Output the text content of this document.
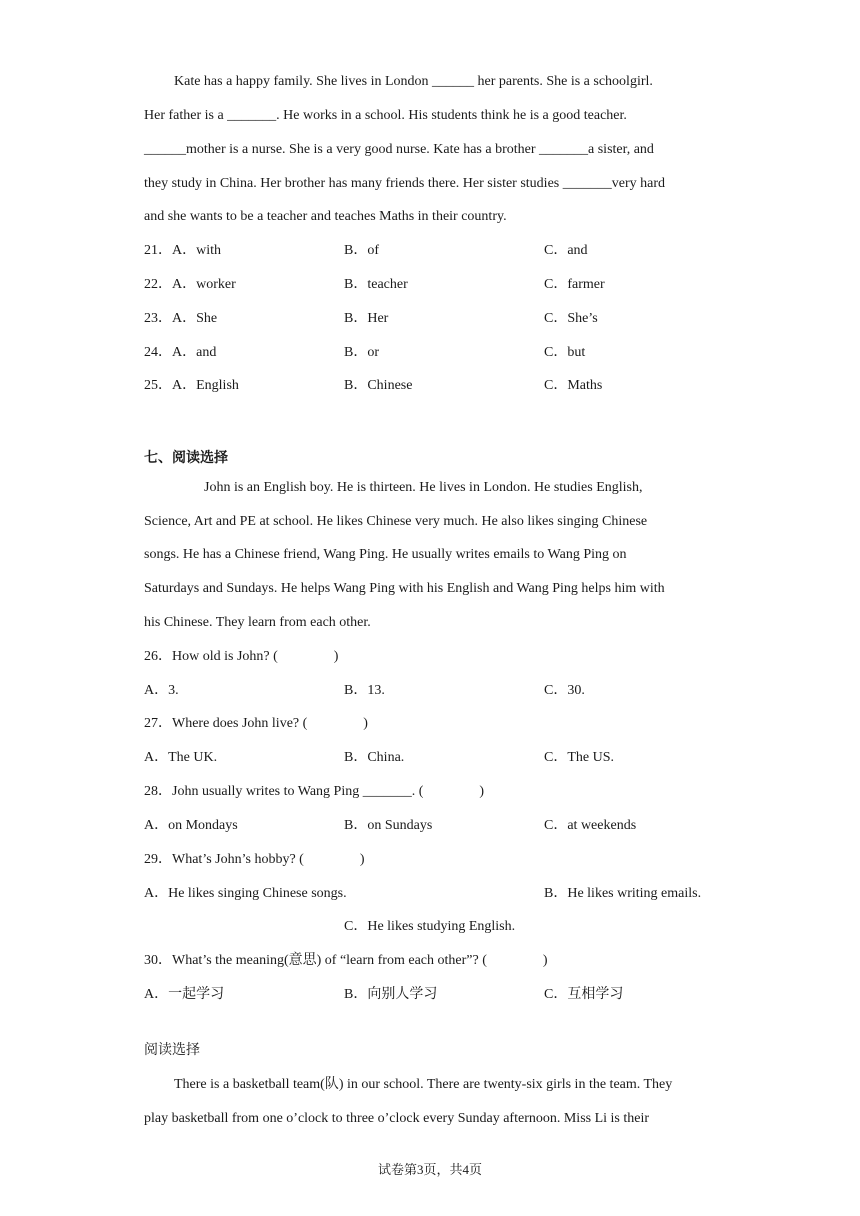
Kate has a happy family. She lives in London ______ her parents. She is a schoolgirl.
Her father is a _______. He works in a school. His students think he is a good teacher.
______mother is a nurse. She is a very good nurse. Kate has a brother _______a sister, and
they study in China. Her brother has many friends there. Her sister studies _______very hard
and she wants to be a teacher and teaches Maths in their country.
21．A．with	B．of	C．and
22．A．worker	B．teacher	C．farmer
23．A．She	B．Her	C．She’s
24．A．and	B．or	C．but
25．A．English	B．Chinese	C．Maths
七、阅读选择
John is an English boy. He is thirteen. He lives in London. He studies English,
Science, Art and PE at school. He likes Chinese very much. He also likes singing Chinese
songs. He has a Chinese friend, Wang Ping. He usually writes emails to Wang Ping on
Saturdays and Sundays. He helps Wang Ping with his English and Wang Ping helps him with
his Chinese. They learn from each other.
26．How old is John? (　　　　)
A．3.	B．13.	C．30.
27．Where does John live? (　　　　)
A．The UK.	B．China.	C．The US.
28．John usually writes to Wang Ping _______. (　　　　)
A．on Mondays	B．on Sundays	C．at weekends
29．What’s John’s hobby? (　　　　)
A．He likes singing Chinese songs.	B．He likes writing emails.
C．He likes studying English.
30．What’s the meaning(意思) of “learn from each other”? (　　　　)
A．一起学习	B．向别人学习	C．互相学习
阅读选择
There is a basketball team(队) in our school. There are twenty-six girls in the team. They
play basketball from one o’clock to three o’clock every Sunday afternoon. Miss Li is their
试卷第3页，共4页
